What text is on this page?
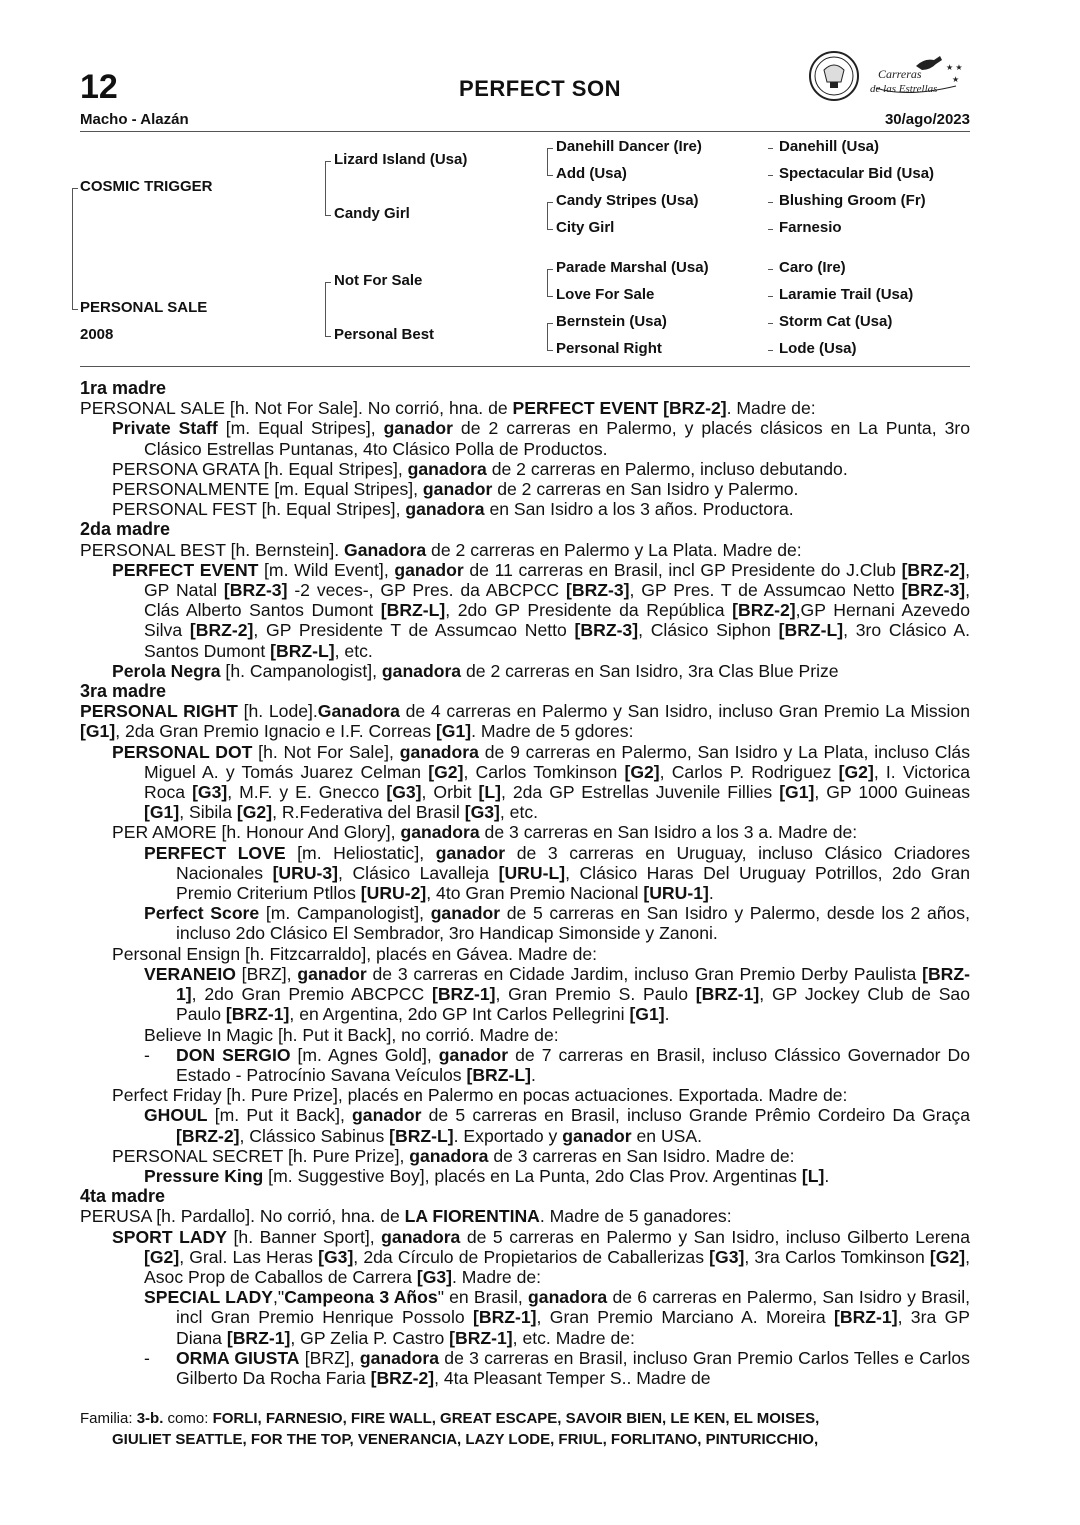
12	PERFECT SON
Macho - Alazán	30/ago/2023
Carreras
de las Estrellas
★ ★
★
COSMIC TRIGGER
PERSONAL SALE
2008
Lizard Island (Usa)
Candy Girl
Not For Sale
Personal Best
Danehill Dancer (Ire)
Add (Usa)
Candy Stripes (Usa)
City Girl
Parade Marshal (Usa)
Love For Sale
Bernstein (Usa)
Personal Right
Danehill (Usa)
Spectacular Bid (Usa)
Blushing Groom (Fr)
Farnesio
Caro (Ire)
Laramie Trail (Usa)
Storm Cat (Usa)
Lode (Usa)
1ra madre
PERSONAL SALE [h. Not For Sale]. No corrió, hna. de PERFECT EVENT [BRZ-2]. Madre de:
Private Staff [m. Equal Stripes], ganador de 2 carreras en Palermo, y placés clásicos en La Punta, 3ro Clásico Estrellas Puntanas, 4to Clásico Polla de Productos.
PERSONA GRATA [h. Equal Stripes], ganadora de 2 carreras en Palermo, incluso debutando.
PERSONALMENTE [m. Equal Stripes], ganador de 2 carreras en San Isidro y Palermo.
PERSONAL FEST [h. Equal Stripes], ganadora en San Isidro a los 3 años. Productora.
2da madre
PERSONAL BEST [h. Bernstein]. Ganadora de 2 carreras en Palermo y La Plata. Madre de:
PERFECT EVENT [m. Wild Event], ganador de 11 carreras en Brasil, incl GP Presidente do J.Club [BRZ-2], GP Natal [BRZ-3] -2 veces-, GP Pres. da ABCPCC [BRZ-3], GP Pres. T de Assumcao Netto [BRZ-3], Clás Alberto Santos Dumont [BRZ-L], 2do GP Presidente da República [BRZ-2],GP Hernani Azevedo Silva [BRZ-2], GP Presidente T de Assumcao Netto [BRZ-3], Clásico Siphon [BRZ-L], 3ro Clásico A. Santos Dumont [BRZ-L], etc.
Perola Negra [h. Campanologist], ganadora de 2 carreras en San Isidro, 3ra Clas Blue Prize
3ra madre
PERSONAL RIGHT [h. Lode].Ganadora de 4 carreras en Palermo y San Isidro, incluso Gran Premio La Mission [G1], 2da Gran Premio Ignacio e I.F. Correas [G1]. Madre de 5 gdores:
PERSONAL DOT [h. Not For Sale], ganadora de 9 carreras en Palermo, San Isidro y La Plata, incluso Clás Miguel A. y Tomás Juarez Celman [G2], Carlos Tomkinson [G2], Carlos P. Rodriguez [G2], I. Victorica Roca [G3], M.F. y E. Gnecco [G3], Orbit [L], 2da GP Estrellas Juvenile Fillies [G1], GP 1000 Guineas [G1], Sibila [G2], R.Federativa del Brasil [G3], etc.
PER AMORE [h. Honour And Glory], ganadora de 3 carreras en San Isidro a los 3 a. Madre de:
PERFECT LOVE [m. Heliostatic], ganador de 3 carreras en Uruguay, incluso Clásico Criadores Nacionales [URU-3], Clásico Lavalleja [URU-L], Clásico Haras Del Uruguay Potrillos, 2do Gran Premio Criterium Ptllos [URU-2], 4to Gran Premio Nacional [URU-1].
Perfect Score [m. Campanologist], ganador de 5 carreras en San Isidro y Palermo, desde los 2 años, incluso 2do Clásico El Sembrador, 3ro Handicap Simonside y Zanoni.
Personal Ensign [h. Fitzcarraldo], placés en Gávea. Madre de:
VERANEIO [BRZ], ganador de 3 carreras en Cidade Jardim, incluso Gran Premio Derby Paulista [BRZ-1], 2do Gran Premio ABCPCC [BRZ-1], Gran Premio S. Paulo [BRZ-1], GP Jockey Club de Sao Paulo [BRZ-1], en Argentina, 2do GP Int Carlos Pellegrini [G1].
Believe In Magic [h. Put it Back], no corrió. Madre de:
- DON SERGIO [m. Agnes Gold], ganador de 7 carreras en Brasil, incluso Clássico Governador Do Estado - Patrocínio Savana Veículos [BRZ-L].
Perfect Friday [h. Pure Prize], placés en Palermo en pocas actuaciones. Exportada. Madre de:
GHOUL [m. Put it Back], ganador de 5 carreras en Brasil, incluso Grande Prêmio Cordeiro Da Graça [BRZ-2], Clássico Sabinus [BRZ-L]. Exportado y ganador en USA.
PERSONAL SECRET [h. Pure Prize], ganadora de 3 carreras en San Isidro. Madre de:
Pressure King [m. Suggestive Boy], placés en La Punta, 2do Clas Prov. Argentinas [L].
4ta madre
PERUSA [h. Pardallo]. No corrió, hna. de LA FIORENTINA. Madre de 5 ganadores:
SPORT LADY [h. Banner Sport], ganadora de 5 carreras en Palermo y San Isidro, incluso Gilberto Lerena [G2], Gral. Las Heras [G3], 2da Círculo de Propietarios de Caballerizas [G3], 3ra Carlos Tomkinson [G2], Asoc Prop de Caballos de Carrera [G3]. Madre de:
SPECIAL LADY,"Campeona 3 Años" en Brasil, ganadora de 6 carreras en Palermo, San Isidro y Brasil, incl Gran Premio Henrique Possolo [BRZ-1], Gran Premio Marciano A. Moreira [BRZ-1], 3ra GP Diana [BRZ-1], GP Zelia P. Castro [BRZ-1], etc. Madre de:
- ORMA GIUSTA [BRZ], ganadora de 3 carreras en Brasil, incluso Gran Premio Carlos Telles e Carlos Gilberto Da Rocha Faria [BRZ-2], 4ta Pleasant Temper S.. Madre de
Familia: 3-b. como: FORLI, FARNESIO, FIRE WALL, GREAT ESCAPE, SAVOIR BIEN, LE KEN, EL MOISES,
GIULIET SEATTLE, FOR THE TOP, VENERANCIA, LAZY LODE, FRIUL, FORLITANO, PINTURICCHIO,
